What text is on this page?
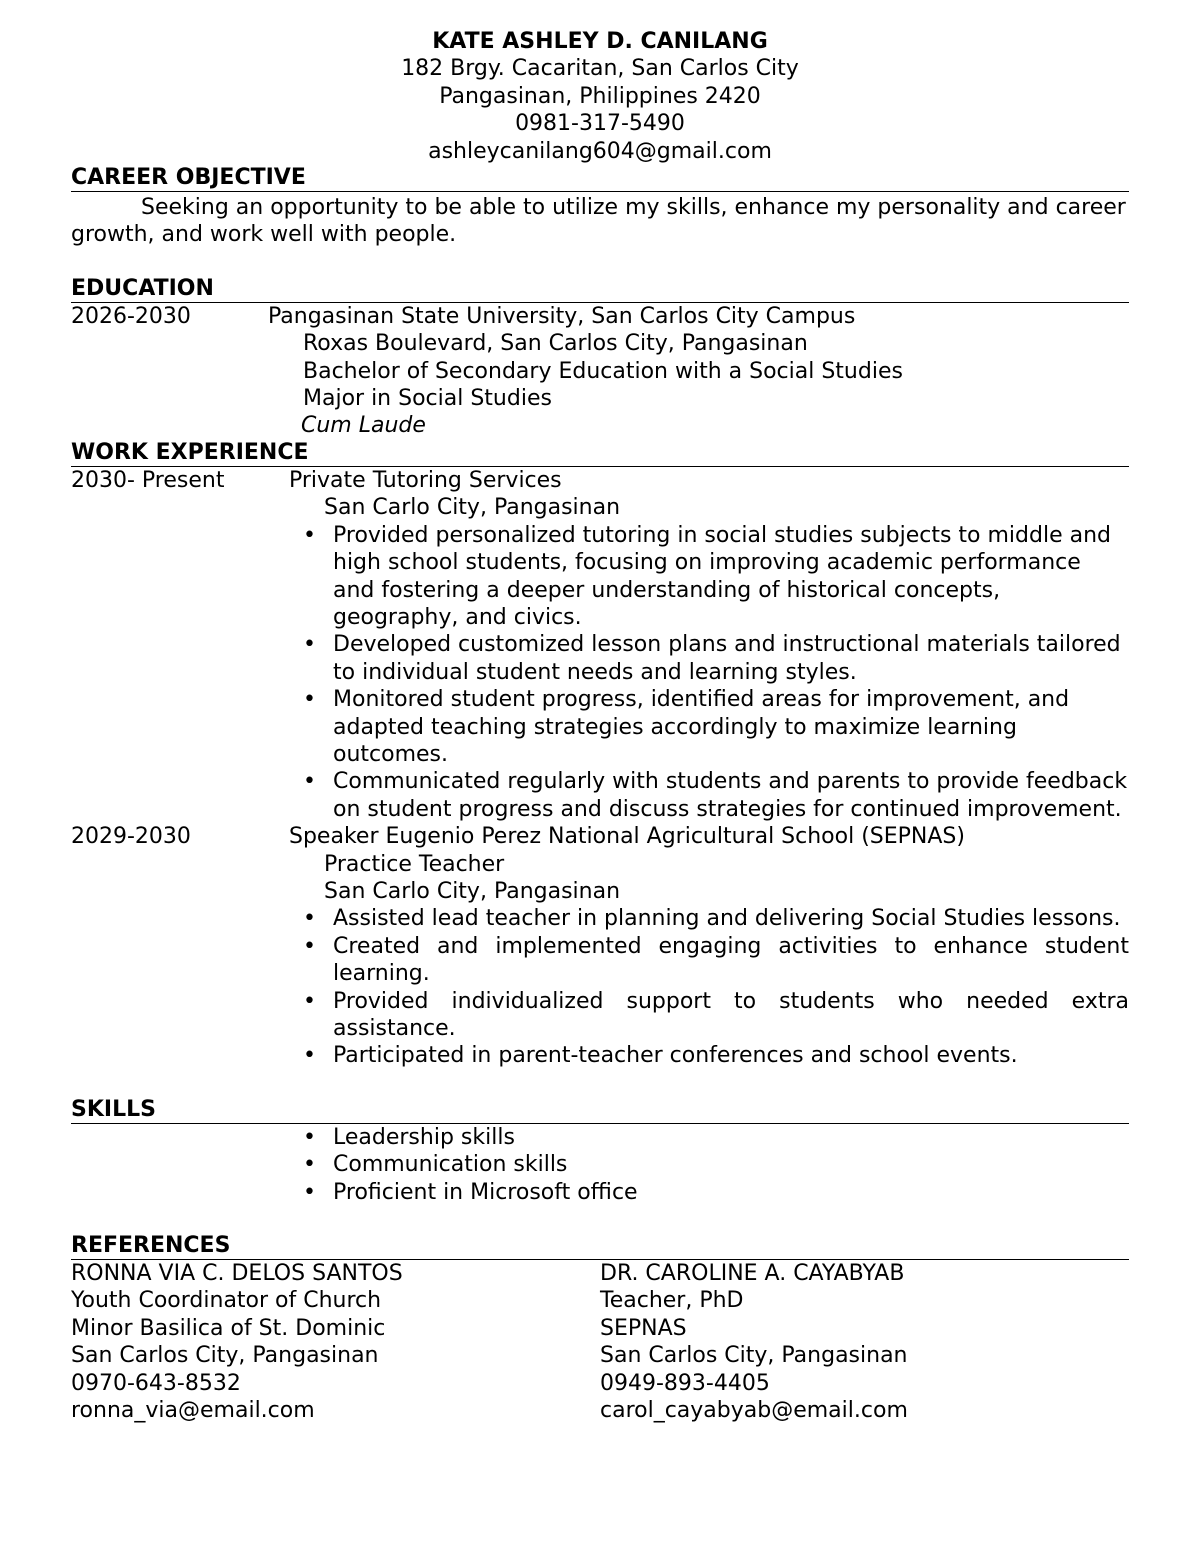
KATE ASHLEY D. CANILANG
182 Brgy. Cacaritan, San Carlos City
Pangasinan, Philippines 2420
0981-317-5490
ashleycanilang604@gmail.com
CAREER OBJECTIVE
Seeking an opportunity to be able to utilize my skills, enhance my personality and career growth, and work well with people.
EDUCATION
2026-2030	Pangasinan State University, San Carlos City Campus
Roxas Boulevard, San Carlos City, Pangasinan
Bachelor of Secondary Education with a Social Studies
Major in Social Studies
Cum Laude
WORK EXPERIENCE
2030- Present	Private Tutoring Services
San Carlo City, Pangasinan
• Provided personalized tutoring in social studies subjects to middle and high school students, focusing on improving academic performance and fostering a deeper understanding of historical concepts, geography, and civics.
• Developed customized lesson plans and instructional materials tailored to individual student needs and learning styles.
• Monitored student progress, identified areas for improvement, and adapted teaching strategies accordingly to maximize learning outcomes.
• Communicated regularly with students and parents to provide feedback on student progress and discuss strategies for continued improvement.
2029-2030	Speaker Eugenio Perez National Agricultural School (SEPNAS)
Practice Teacher
San Carlo City, Pangasinan
• Assisted lead teacher in planning and delivering Social Studies lessons.
• Created and implemented engaging activities to enhance student learning.
• Provided individualized support to students who needed extra assistance.
• Participated in parent-teacher conferences and school events.
SKILLS
• Leadership skills
• Communication skills
• Proficient in Microsoft office
REFERENCES
RONNA VIA C. DELOS SANTOS
Youth Coordinator of Church
Minor Basilica of St. Dominic
San Carlos City, Pangasinan
0970-643-8532
ronna_via@email.com
DR. CAROLINE A. CAYABYAB
Teacher, PhD
SEPNAS
San Carlos City, Pangasinan
0949-893-4405
carol_cayabyab@email.com
